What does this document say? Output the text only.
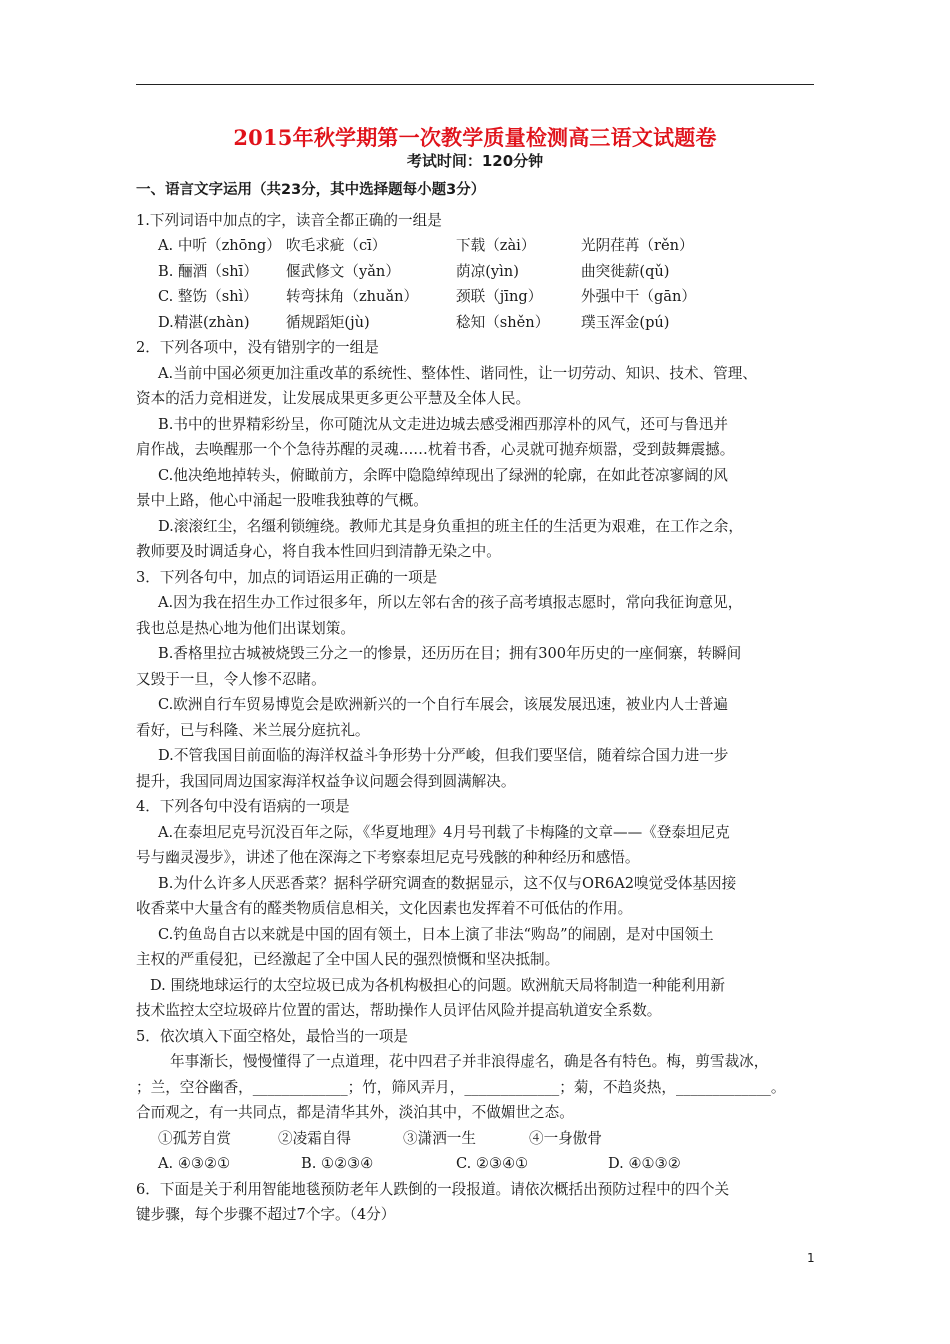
2015年秋学期第一次教学质量检测高三语文试题卷
考试时间：120分钟
一、语言文字运用（共23分，其中选择题每小题3分）
1.下列词语中加点的字，读音全都正确的一组是
A. 中听（zhōng） 吹毛求疵（cī）	下载（zài）	光阴荏苒（rěn）
B. 酾酒（shī）	偃武修文（yǎn）	荫凉(yìn)	曲突徙薪(qǔ)
C. 整饬（shì）	转弯抹角（zhuǎn）	颈联（jīng）	外强中干（gān）
D.精湛(zhàn)	循规蹈矩(jù)	稔知（shěn）	璞玉浑金(pú)
2．下列各项中，没有错别字的一组是
A.当前中国必须更加注重改革的系统性、整体性、谐同性，让一切劳动、知识、技术、管理、
资本的活力竞相迸发，让发展成果更多更公平慧及全体人民。
B.书中的世界精彩纷呈，你可随沈从文走进边城去感受湘西那淳朴的风气，还可与鲁迅并
肩作战，去唤醒那一个个急待苏醒的灵魂……枕着书香，心灵就可抛弃烦嚣，受到鼓舞震撼。
C.他决绝地掉转头，俯瞰前方，余晖中隐隐绰绰现出了绿洲的轮廓，在如此苍凉寥阔的风
景中上路，他心中涌起一股唯我独尊的气概。
D.滚滚红尘，名缰利锁缠绕。教师尤其是身负重担的班主任的生活更为艰难，在工作之余，
教师要及时调适身心，将自我本性回归到清静无染之中。
3．下列各句中，加点的词语运用正确的一项是
A.因为我在招生办工作过很多年，所以左邻右舍的孩子高考填报志愿时，常向我征询意见，
我也总是热心地为他们出谋划策。
B.香格里拉古城被烧毁三分之一的惨景，还历历在目；拥有300年历史的一座侗寨，转瞬间
又毁于一旦，令人惨不忍睹。
C.欧洲自行车贸易博览会是欧洲新兴的一个自行车展会，该展发展迅速，被业内人士普遍
看好，已与科隆、米兰展分庭抗礼。
D.不管我国目前面临的海洋权益斗争形势十分严峻，但我们要坚信，随着综合国力进一步
提升，我国同周边国家海洋权益争议问题会得到圆满解决。
4．下列各句中没有语病的一项是
A.在泰坦尼克号沉没百年之际，《华夏地理》4月号刊载了卡梅隆的文章——《登泰坦尼克
号与幽灵漫步》，讲述了他在深海之下考察泰坦尼克号残骸的种种经历和感悟。
B.为什么许多人厌恶香菜？据科学研究调查的数据显示，这不仅与OR6A2嗅觉受体基因接
收香菜中大量含有的醛类物质信息相关，文化因素也发挥着不可低估的作用。
C.钓鱼岛自古以来就是中国的固有领土，日本上演了非法“购岛”的闹剧，是对中国领土
主权的严重侵犯，已经激起了全中国人民的强烈愤慨和坚决抵制。
D. 围绕地球运行的太空垃圾已成为各机构极担心的问题。欧洲航天局将制造一种能利用新
技术监控太空垃圾碎片位置的雷达，帮助操作人员评估风险并提高轨道安全系数。
5．依次填入下面空格处，最恰当的一项是
年事渐长，慢慢懂得了一点道理，花中四君子并非浪得虚名，确是各有特色。梅，剪雪裁冰，
；兰，空谷幽香，_____________；竹，筛风弄月，_____________；菊，不趋炎热，_____________。
合而观之，有一共同点，都是清华其外，淡泊其中，不做媚世之态。
①孤芳自赏	②凌霜自得	③潇洒一生	④一身傲骨
A. ④③②①	B. ①②③④	C. ②③④①	D. ④①③②
6．下面是关于利用智能地毯预防老年人跌倒的一段报道。请依次概括出预防过程中的四个关
键步骤，每个步骤不超过7个字。（4分）
1
